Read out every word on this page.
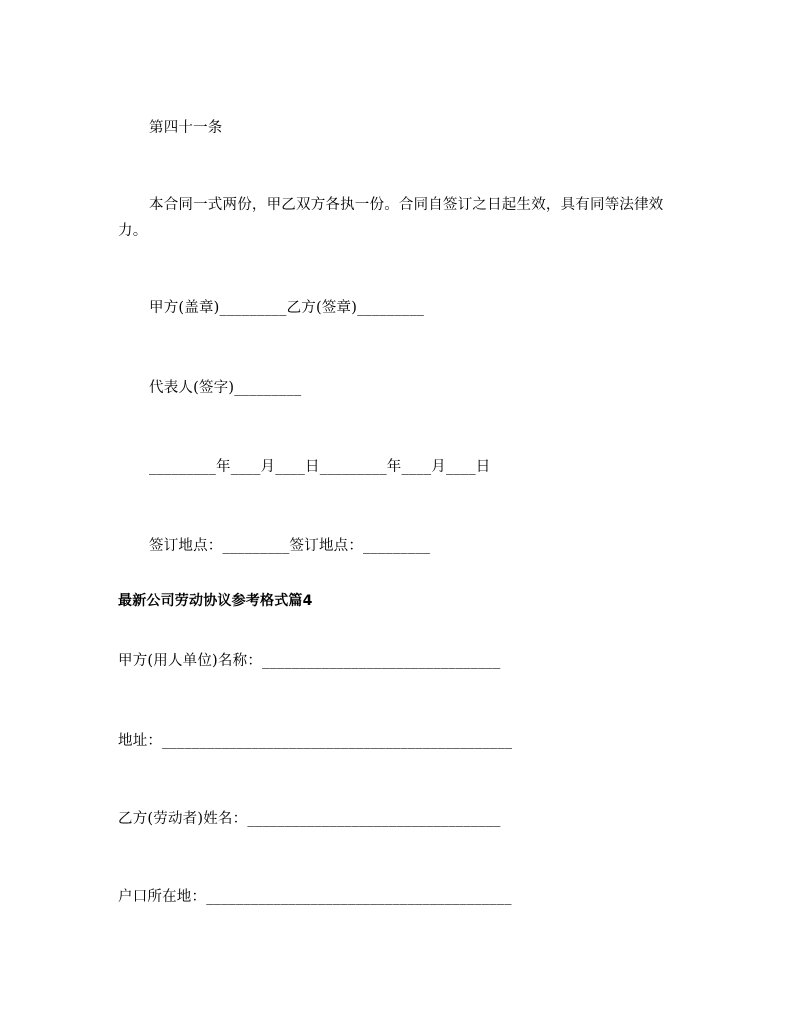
第四十一条
本合同一式两份，甲乙双方各执一份。合同自签订之日起生效，具有同等法律效力。
甲方(盖章)_________乙方(签章)_________
代表人(签字)_________
_________年____月____日_________年____月____日
签订地点：_________签订地点：_________
最新公司劳动协议参考格式篇4
甲方(用人单位)名称：________________________________
地址：_______________________________________________
乙方(劳动者)姓名：__________________________________
户口所在地：_________________________________________
